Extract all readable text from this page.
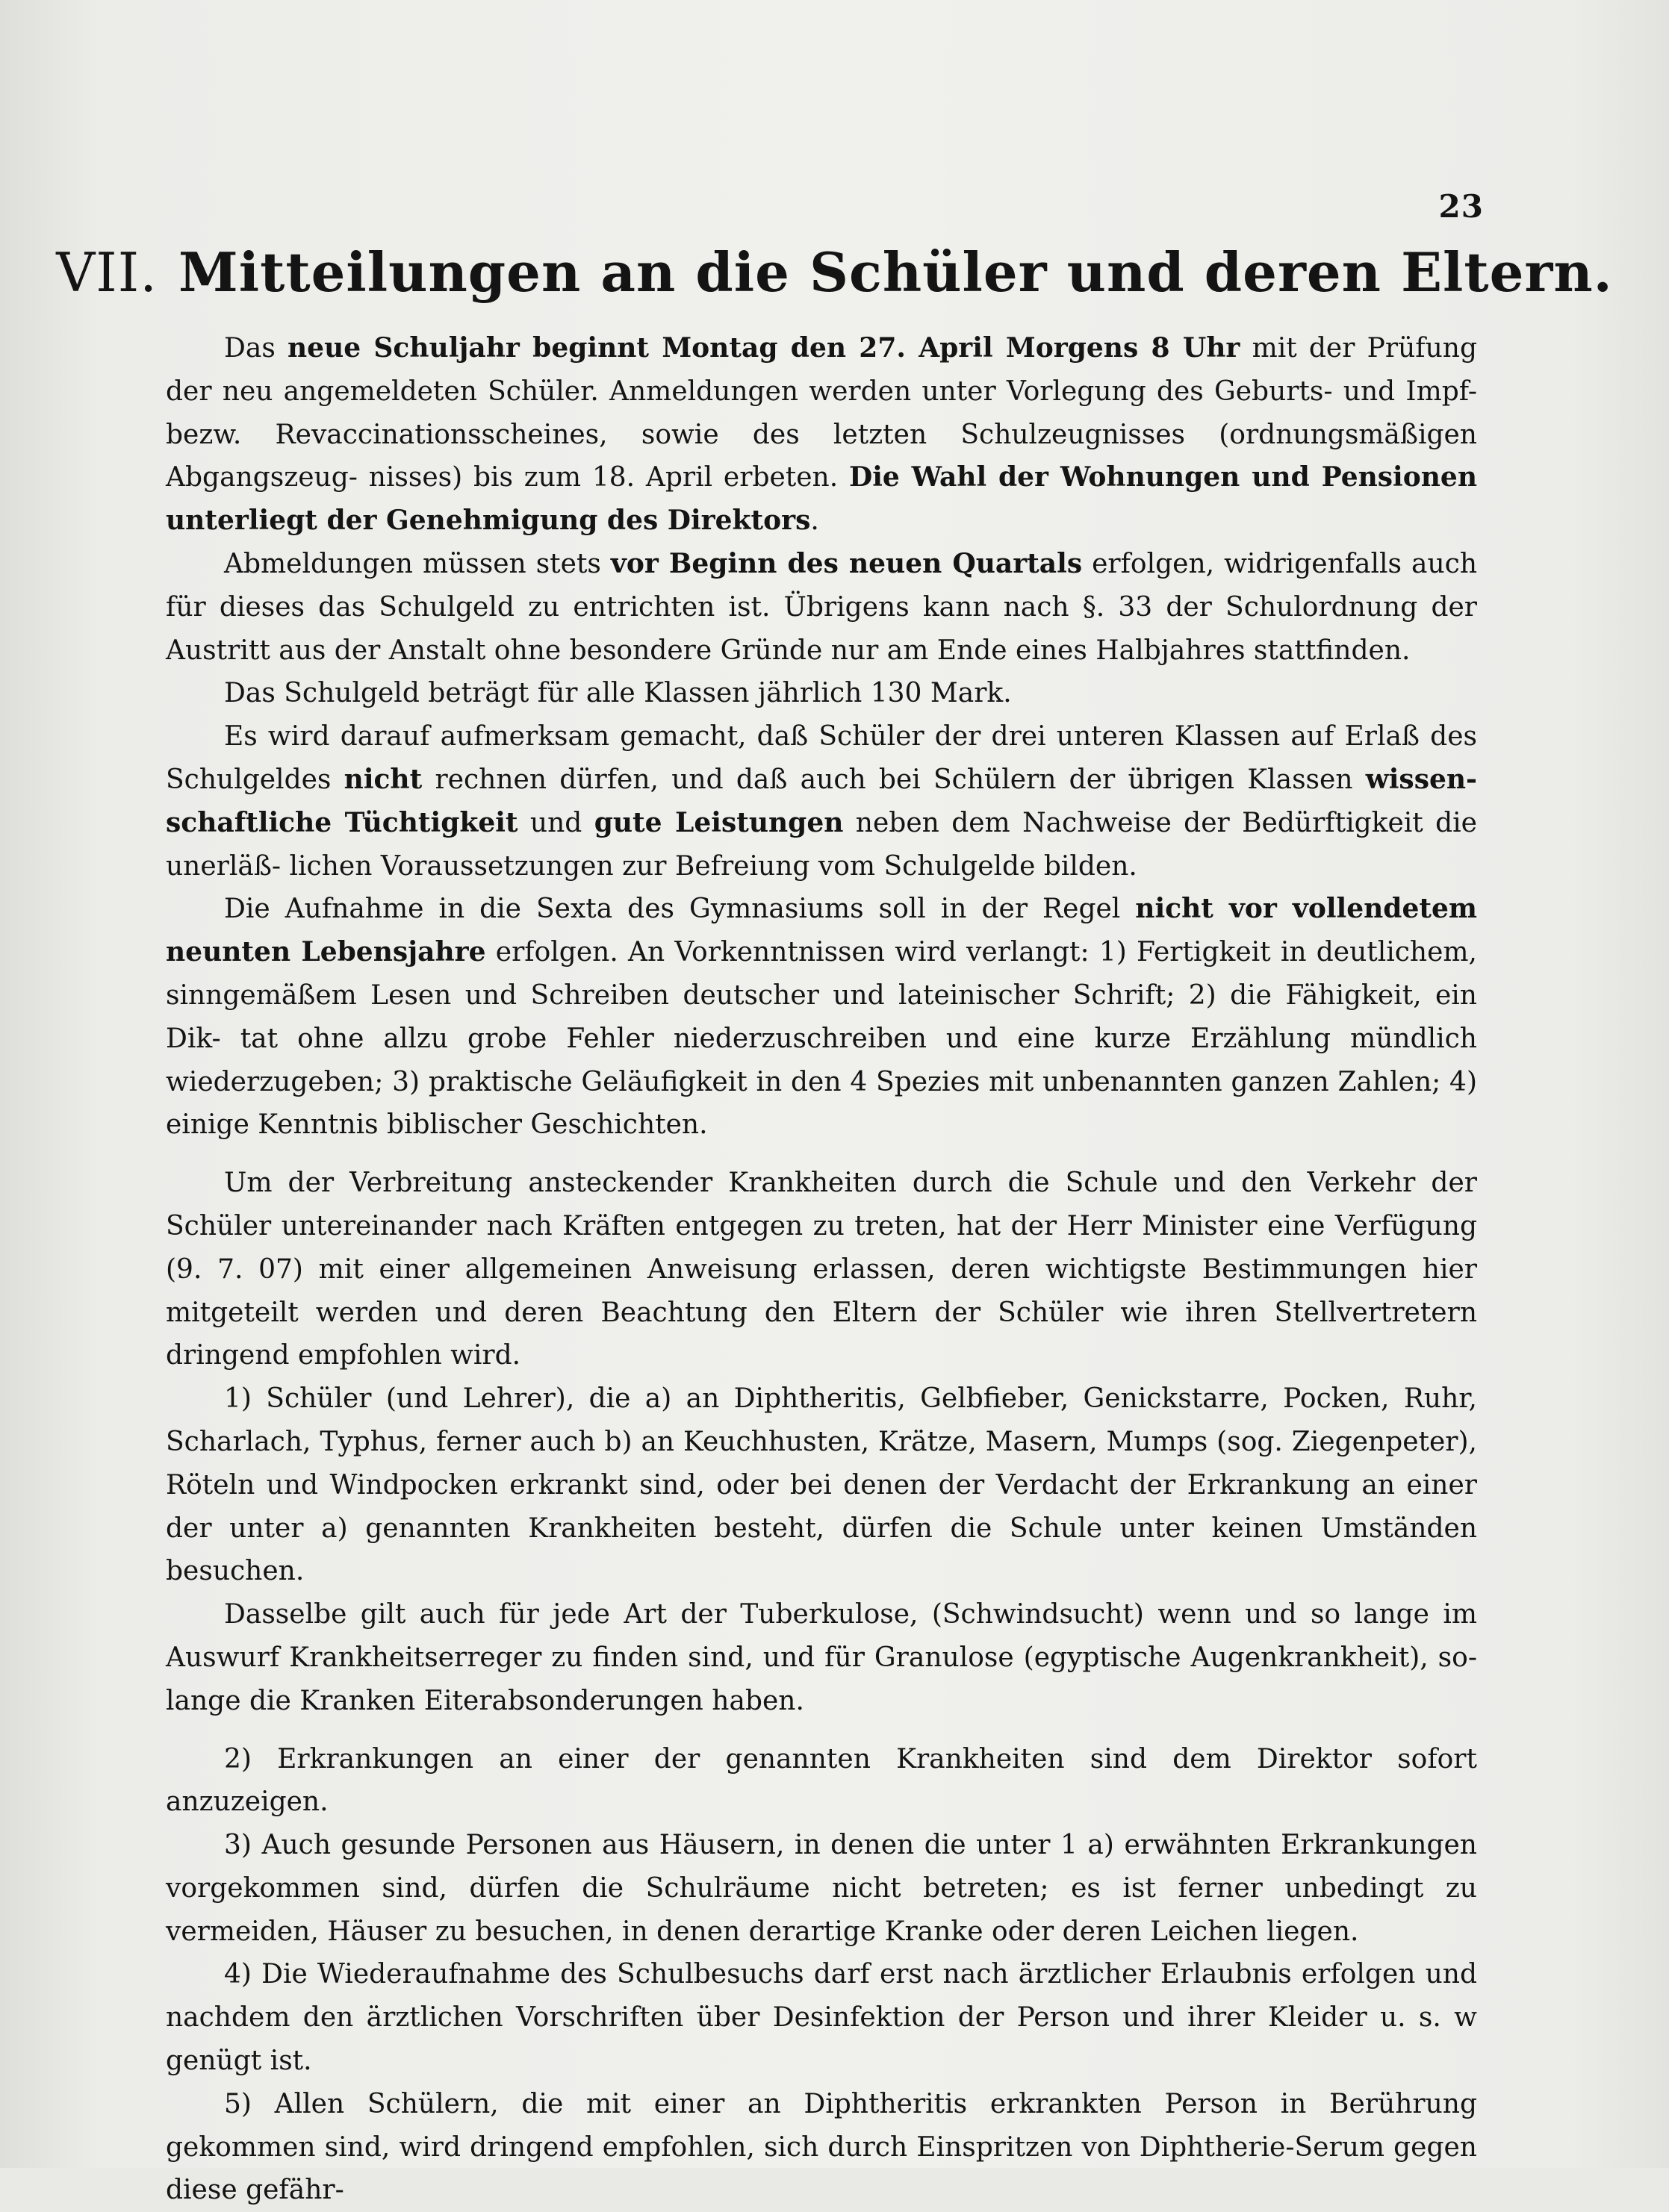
23
VII. Mitteilungen an die Schüler und deren Eltern.

Das neue Schuljahr beginnt Montag den 27. April Morgens 8 Uhr mit der Prüfung der neu angemeldeten Schüler. Anmeldungen werden unter Vorlegung des Geburts- und Impf- bezw. Revaccinationsscheines, sowie des letzten Schulzeugnisses (ordnungsmäßigen Abgangszeug- nisses) bis zum 18. April erbeten. Die Wahl der Wohnungen und Pensionen unterliegt der Genehmigung des Direktors.

Abmeldungen müssen stets vor Beginn des neuen Quartals erfolgen, widrigenfalls auch für dieses das Schulgeld zu entrichten ist. Übrigens kann nach §. 33 der Schulordnung der Austritt aus der Anstalt ohne besondere Gründe nur am Ende eines Halbjahres stattfinden.

Das Schulgeld beträgt für alle Klassen jährlich 130 Mark.

Es wird darauf aufmerksam gemacht, daß Schüler der drei unteren Klassen auf Erlaß des Schulgeldes nicht rechnen dürfen, und daß auch bei Schülern der übrigen Klassen wissen- schaftliche Tüchtigkeit und gute Leistungen neben dem Nachweise der Bedürftigkeit die unerläß- lichen Voraussetzungen zur Befreiung vom Schulgelde bilden.

Die Aufnahme in die Sexta des Gymnasiums soll in der Regel nicht vor vollendetem neunten Lebensjahre erfolgen. An Vorkenntnissen wird verlangt: 1) Fertigkeit in deutlichem, sinngemäßem Lesen und Schreiben deutscher und lateinischer Schrift; 2) die Fähigkeit, ein Dik- tat ohne allzu grobe Fehler niederzuschreiben und eine kurze Erzählung mündlich wiederzugeben; 3) praktische Geläufigkeit in den 4 Spezies mit unbenannten ganzen Zahlen; 4) einige Kenntnis biblischer Geschichten.

Um der Verbreitung ansteckender Krankheiten durch die Schule und den Verkehr der Schüler untereinander nach Kräften entgegen zu treten, hat der Herr Minister eine Verfügung (9. 7. 07) mit einer allgemeinen Anweisung erlassen, deren wichtigste Bestimmungen hier mitgeteilt werden und deren Beachtung den Eltern der Schüler wie ihren Stellvertretern dringend empfohlen wird.

1) Schüler (und Lehrer), die a) an Diphtheritis, Gelbfieber, Genickstarre, Pocken, Ruhr, Scharlach, Typhus, ferner auch b) an Keuchhusten, Krätze, Masern, Mumps (sog. Ziegenpeter), Röteln und Windpocken erkrankt sind, oder bei denen der Verdacht der Erkrankung an einer der unter a) genannten Krankheiten besteht, dürfen die Schule unter keinen Umständen besuchen.

Dasselbe gilt auch für jede Art der Tuberkulose, (Schwindsucht) wenn und so lange im Auswurf Krankheitserreger zu finden sind, und für Granulose (egyptische Augenkrankheit), so- lange die Kranken Eiterabsonderungen haben.

2) Erkrankungen an einer der genannten Krankheiten sind dem Direktor sofort anzuzeigen.

3) Auch gesunde Personen aus Häusern, in denen die unter 1 a) erwähnten Erkrankungen vorgekommen sind, dürfen die Schulräume nicht betreten; es ist ferner unbedingt zu vermeiden, Häuser zu besuchen, in denen derartige Kranke oder deren Leichen liegen.

4) Die Wiederaufnahme des Schulbesuchs darf erst nach ärztlicher Erlaubnis erfolgen und nachdem den ärztlichen Vorschriften über Desinfektion der Person und ihrer Kleider u. s. w genügt ist.

5) Allen Schülern, die mit einer an Diphtheritis erkrankten Person in Berührung gekommen sind, wird dringend empfohlen, sich durch Einspritzen von Diphtherie-Serum gegen diese gefähr-
